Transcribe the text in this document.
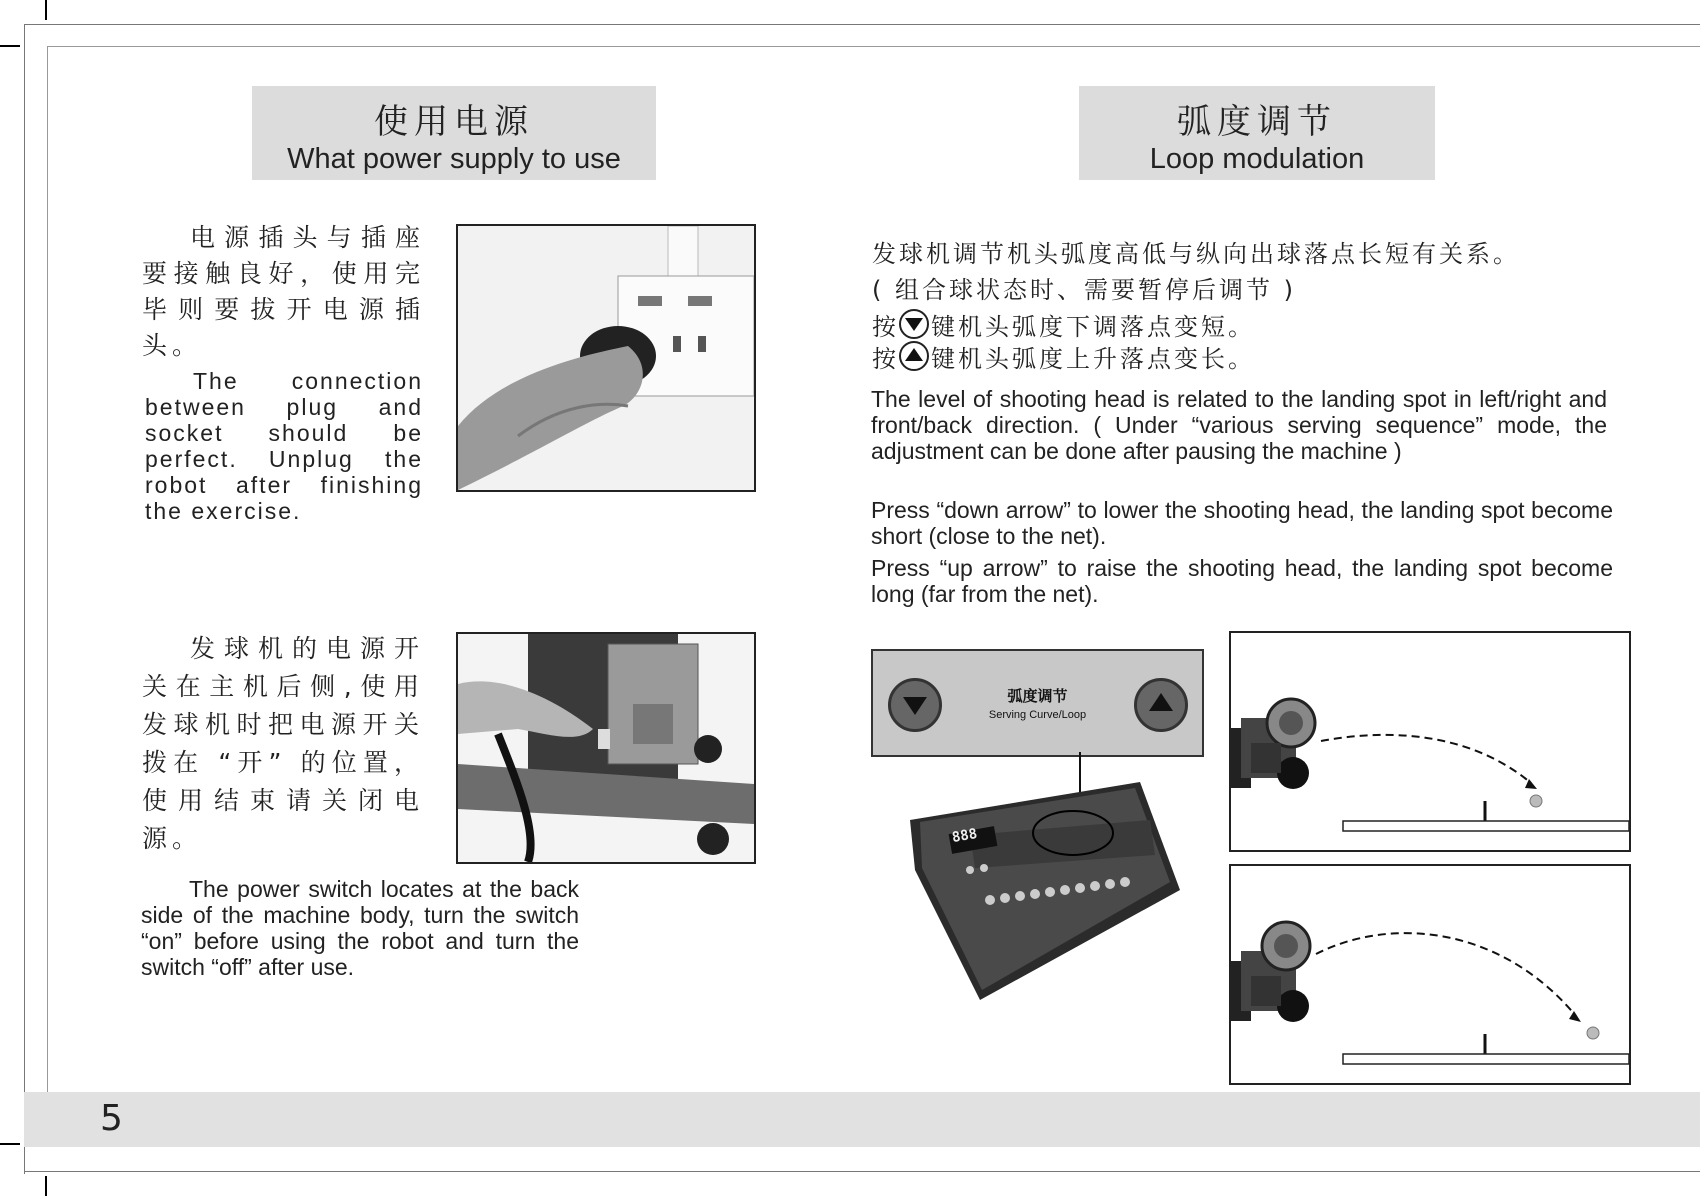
5
使用电源
What power supply to use
电源插头与插座要接触良好，使用完毕则要拔开电源插头。
The connection between plug and socket should be perfect. Unplug the robot after finishing the exercise.
发球机的电源开关在主机后侧,使用发球机时把电源开关拨在 “开” 的位置，使用结束请关闭电源。
The power switch locates at the back side of the machine body, turn the switch “on” before using the robot and turn the switch “off” after use.
弧度调节
Loop modulation
发球机调节机头弧度高低与纵向出球落点长短有关系。
( 组合球状态时、需要暂停后调节 )
按 键机头弧度下调落点变短。
按 键机头弧度上升落点变长。
The level of shooting head is related to the landing spot in left/right and front/back direction. ( Under “various serving sequence” mode, the adjustment can be done after pausing the machine )
Press “down arrow” to lower the shooting head, the landing spot become short (close to the net).
Press “up arrow” to raise the shooting head, the landing spot become long (far from the net).
弧度调节
Serving Curve/Loop
888
